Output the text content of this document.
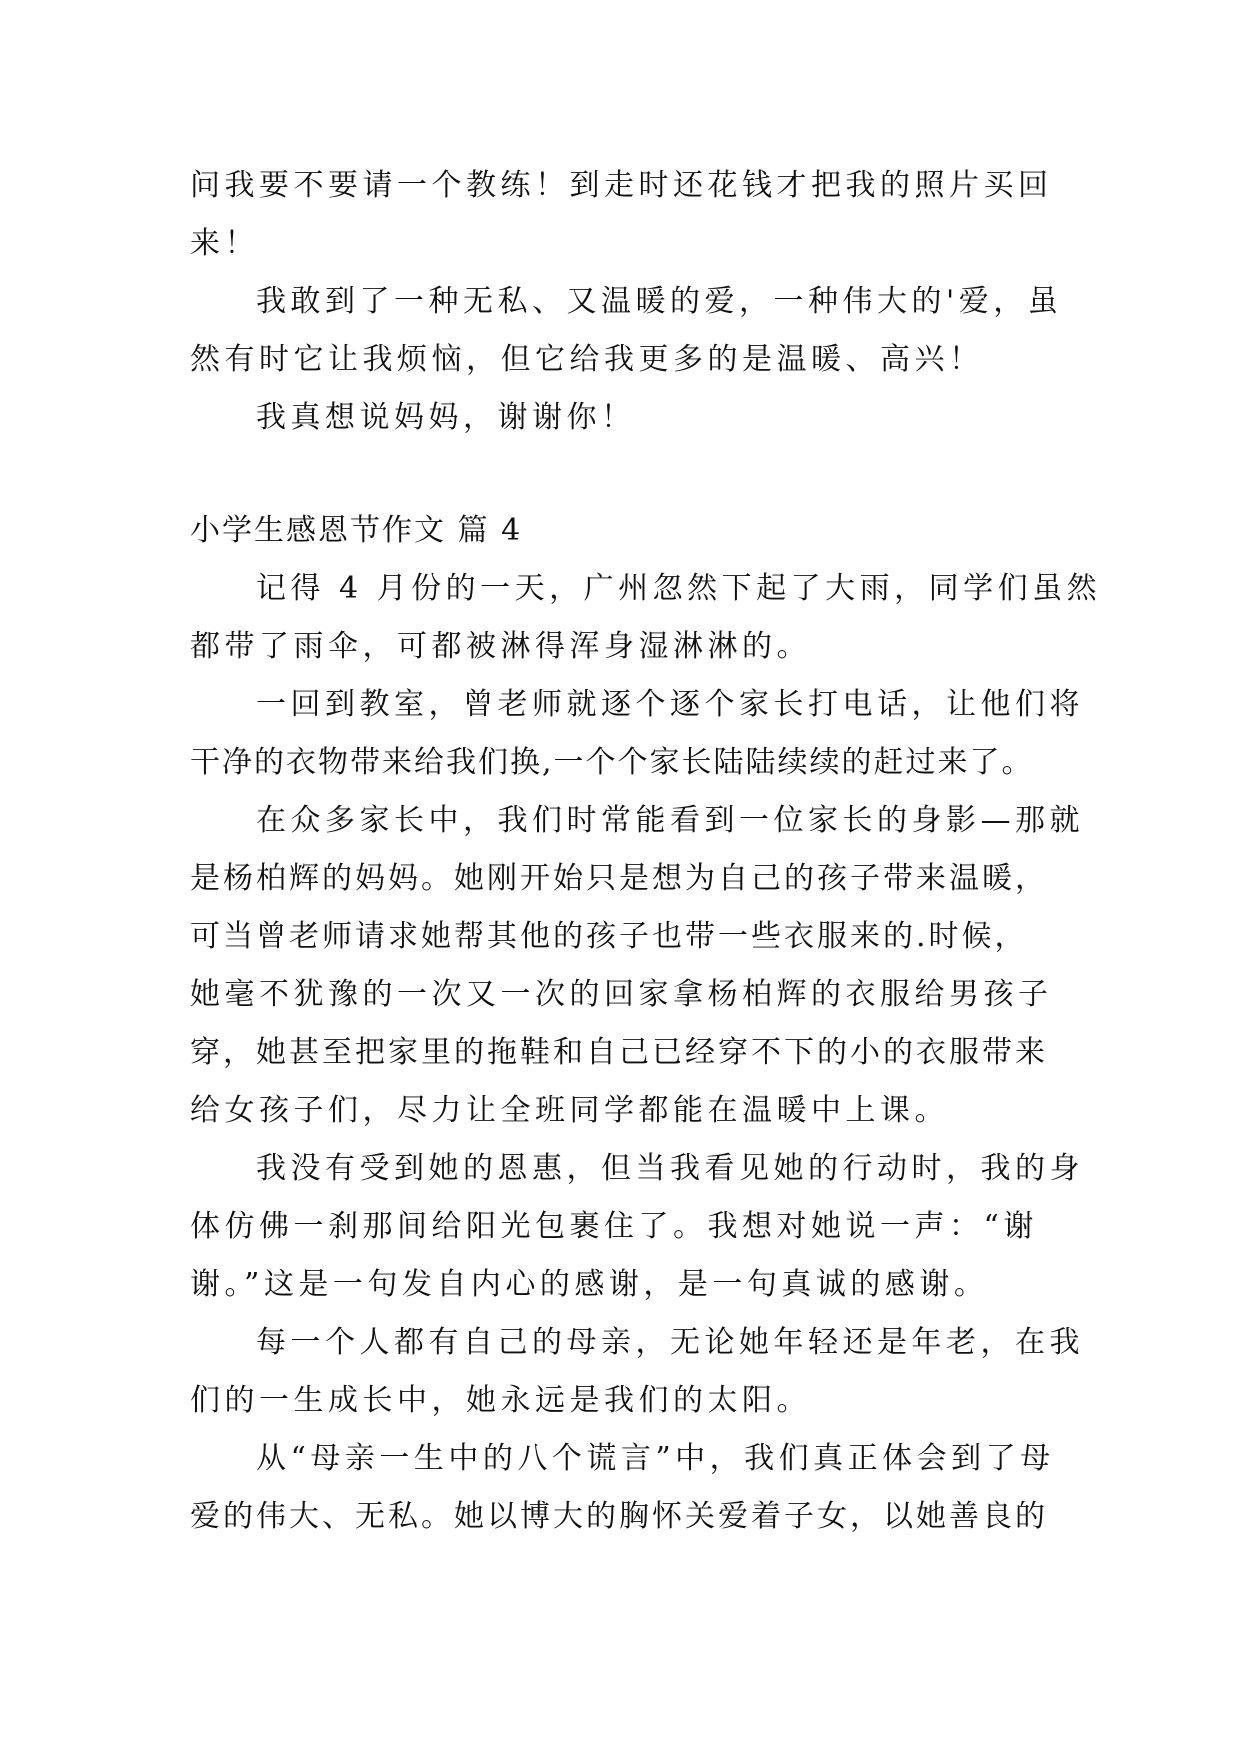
问我要不要请一个教练！到走时还花钱才把我的照片买回
来！
我敢到了一种无私、又温暖的爱，一种伟大的'爱，虽
然有时它让我烦恼，但它给我更多的是温暖、高兴！
我真想说妈妈，谢谢你！
小学生感恩节作文 篇 4
记得 4 月份的一天，广州忽然下起了大雨，同学们虽然
都带了雨伞，可都被淋得浑身湿淋淋的。
一回到教室，曾老师就逐个逐个家长打电话，让他们将
干净的衣物带来给我们换,一个个家长陆陆续续的赶过来了。
在众多家长中，我们时常能看到一位家长的身影—那就
是杨柏辉的妈妈。她刚开始只是想为自己的孩子带来温暖，
可当曾老师请求她帮其他的孩子也带一些衣服来的.时候，
她毫不犹豫的一次又一次的回家拿杨柏辉的衣服给男孩子
穿，她甚至把家里的拖鞋和自己已经穿不下的小的衣服带来
给女孩子们，尽力让全班同学都能在温暖中上课。
我没有受到她的恩惠，但当我看见她的行动时，我的身
体仿佛一刹那间给阳光包裹住了。我想对她说一声：“谢
谢。”这是一句发自内心的感谢，是一句真诚的感谢。
每一个人都有自己的母亲，无论她年轻还是年老，在我
们的一生成长中，她永远是我们的太阳。
从“母亲一生中的八个谎言”中，我们真正体会到了母
爱的伟大、无私。她以博大的胸怀关爱着子女，以她善良的
